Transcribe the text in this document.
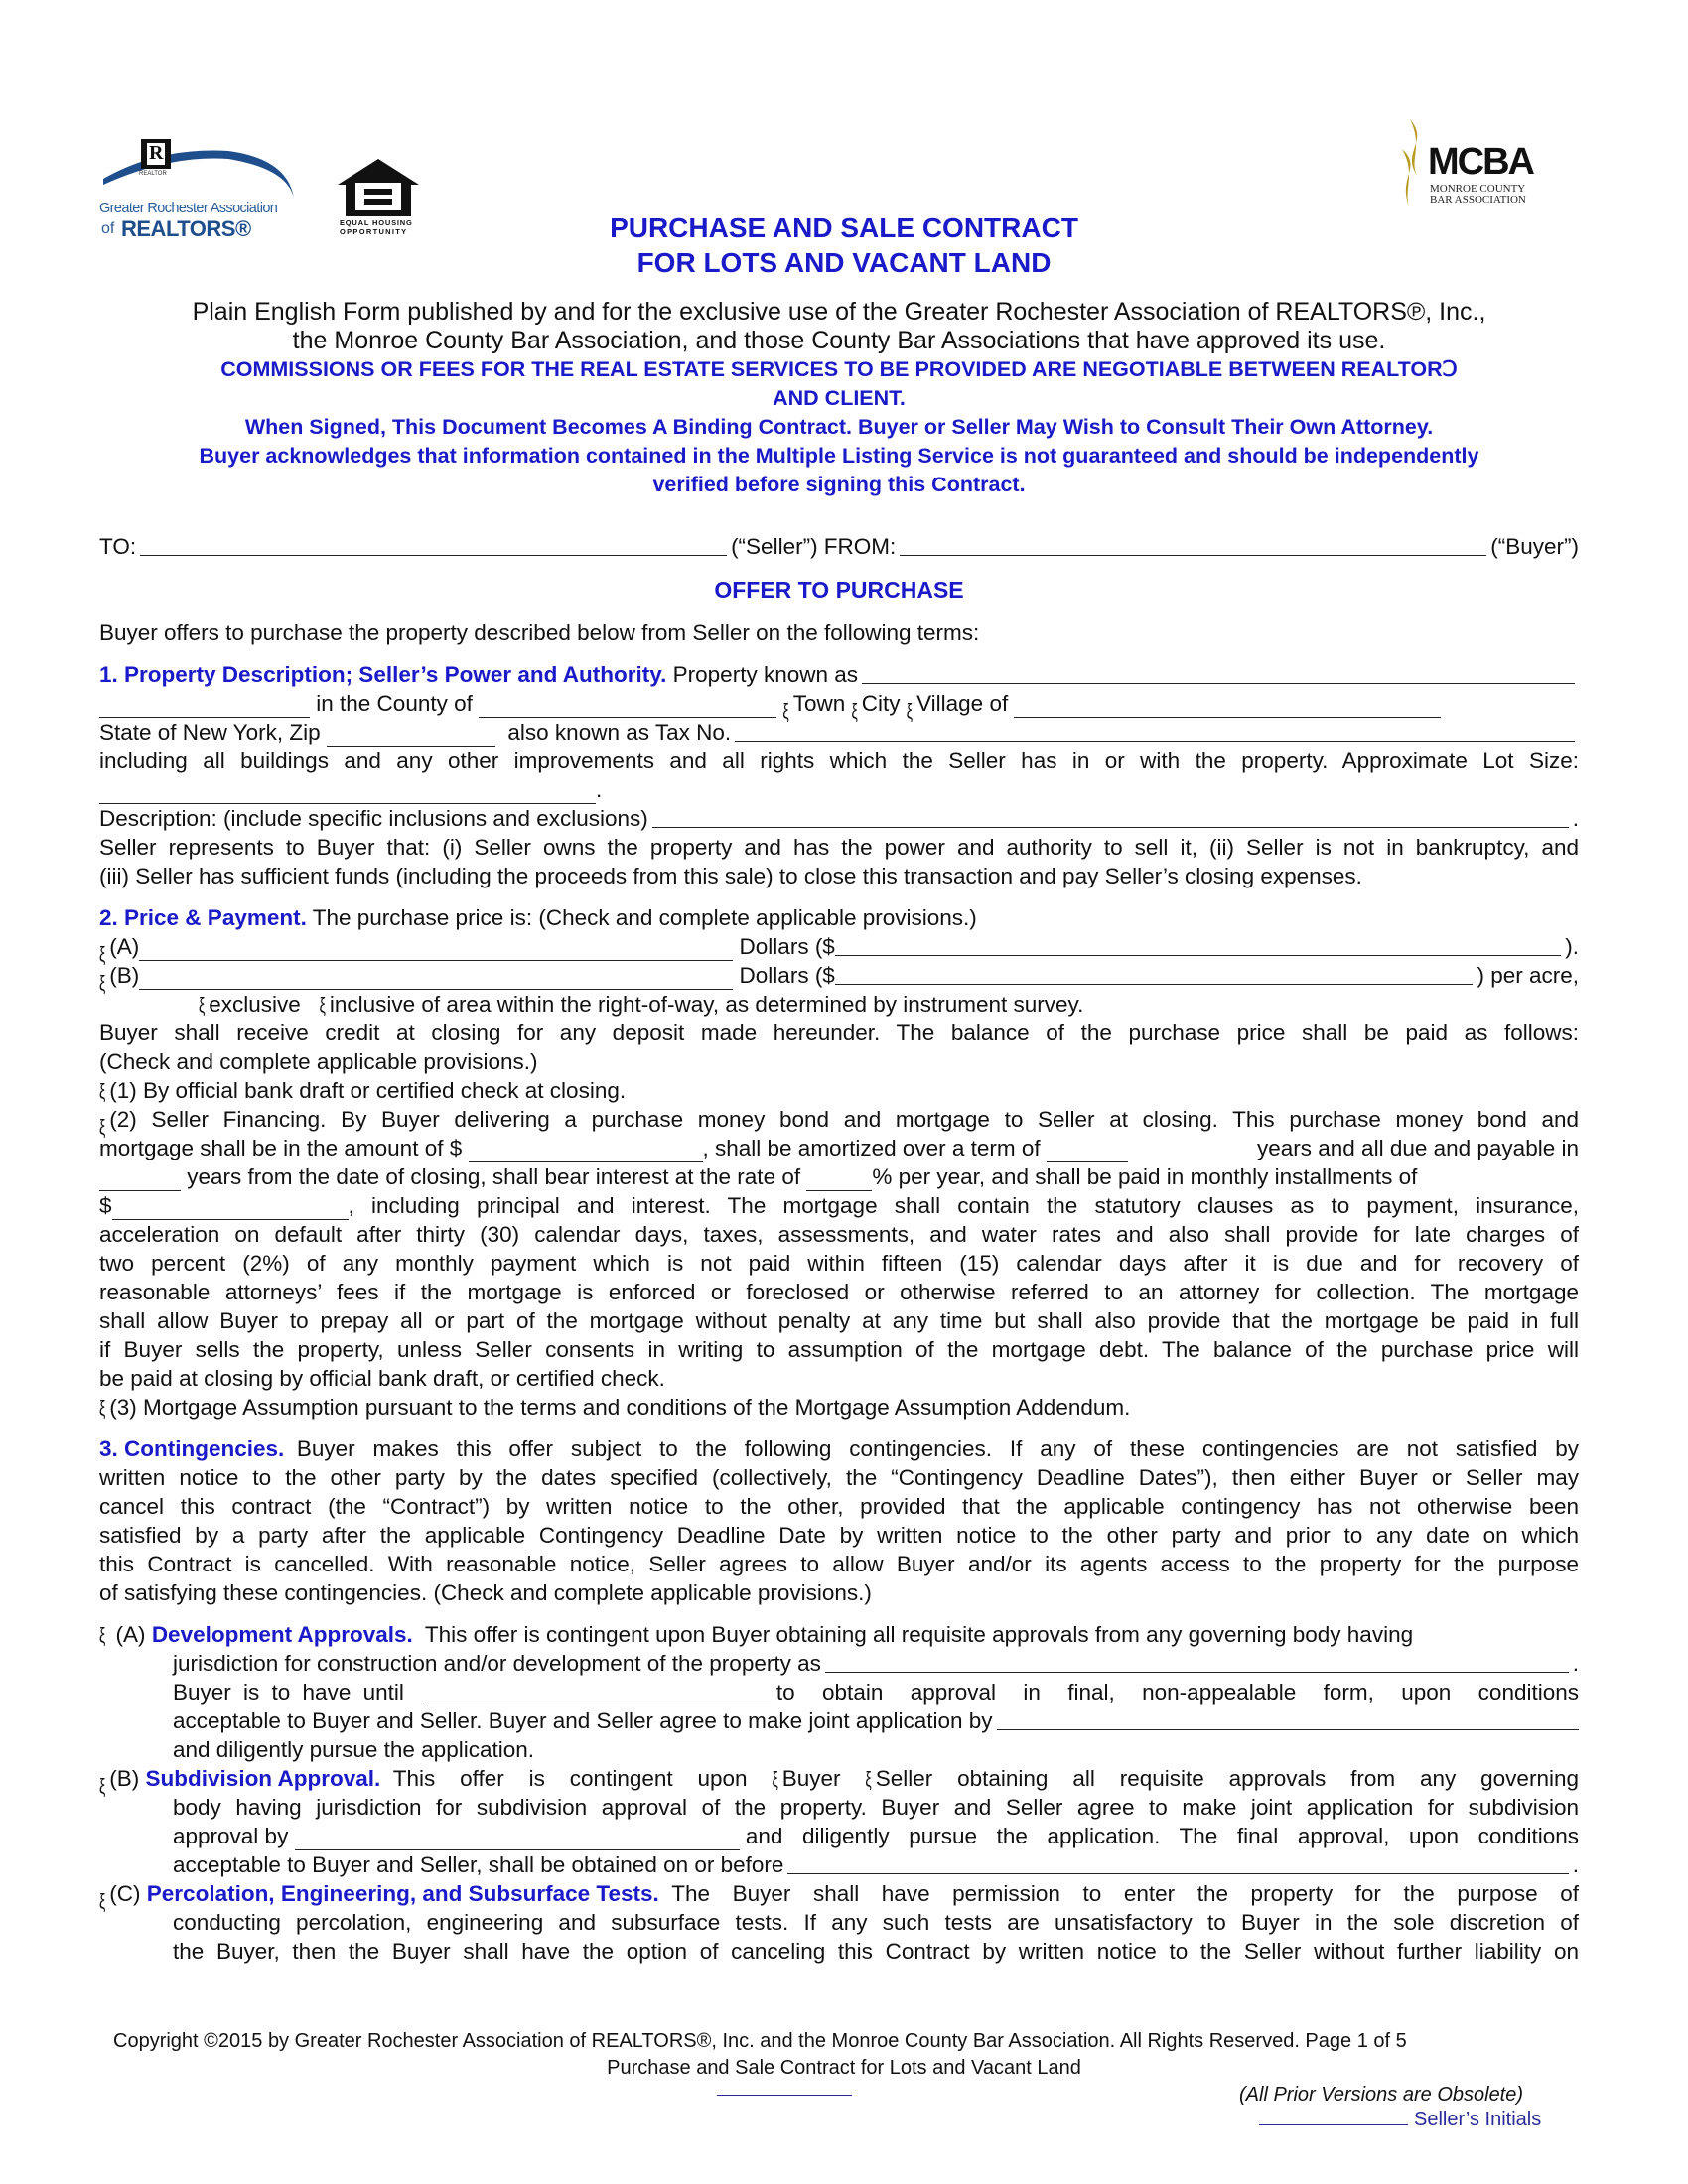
R
REALTOR
Greater Rochester Association
of REALTORS®	EQUAL HOUSING
OPPORTUNITY
MCBA
MONROE COUNTY
BAR ASSOCIATION
PURCHASE AND SALE CONTRACT
FOR LOTS AND VACANT LAND
Plain English Form published by and for the exclusive use of the Greater Rochester Association of REALTORS℗, Inc.,
the Monroe County Bar Association, and those County Bar Associations that have approved its use.
COMMISSIONS OR FEES FOR THE REAL ESTATE SERVICES TO BE PROVIDED ARE NEGOTIABLE BETWEEN REALTORↃ
AND CLIENT.
When Signed, This Document Becomes A Binding Contract. Buyer or Seller May Wish to Consult Their Own Attorney.
Buyer acknowledges that information contained in the Multiple Listing Service is not guaranteed and should be independently
verified before signing this Contract.
TO:	(“Seller”) FROM:	(“Buyer”)
OFFER TO PURCHASE
Buyer offers to purchase the property described below from Seller on the following terms:
1. Property Description; Seller’s Power and Authority.
Property known as

in the County of

	ξ Town
ξ City
ξ Village of

State of New York, Zip

	also known as Tax No.
including all buildings and any other improvements and all rights which the Seller has in or with the property. Approximate Lot Size:
.
Description: (include specific inclusions and exclusions)	.
Seller represents to Buyer that: (i) Seller owns the property and has the power and authority to sell it, (ii) Seller is not in bankruptcy, and
(iii) Seller has sufficient funds (including the proceeds from this sale) to close this transaction and pay Seller’s closing expenses.
2. Price & Payment. The purchase price is: (Check and complete applicable provisions.)
ξ (A)
	Dollars ($	).
ξ (B)
	Dollars ($	) per acre,
ξ exclusive ξ inclusive of area within the right-of-way, as determined by instrument survey.
Buyer shall receive credit at closing for any deposit made hereunder. The balance of the purchase price shall be paid as follows:
(Check and complete applicable provisions.)
ξ (1) By official bank draft or certified check at closing.
ξ (2) Seller Financing. By Buyer delivering a purchase money bond and mortgage to Seller at closing. This purchase money bond and
mortgage shall be in the amount of $
	, shall be amortized over a term of

	years and all due and payable in

years from the date of closing, shall bear interest at the rate of
	% per year, and shall be paid in monthly installments of
$	, including principal and interest. The mortgage shall contain the statutory clauses as to payment, insurance,
acceleration on default after thirty (30) calendar days, taxes, assessments, and water rates and also shall provide for late charges of
two percent (2%) of any monthly payment which is not paid within fifteen (15) calendar days after it is due and for recovery of
reasonable attorneys’ fees if the mortgage is enforced or foreclosed or otherwise referred to an attorney for collection. The mortgage
shall allow Buyer to prepay all or part of the mortgage without penalty at any time but shall also provide that the mortgage be paid in full
if Buyer sells the property, unless Seller consents in writing to assumption of the mortgage debt. The balance of the purchase price will
be paid at closing by official bank draft, or certified check.
ξ (3) Mortgage Assumption pursuant to the terms and conditions of the Mortgage Assumption Addendum.
3. Contingencies.
Buyer makes this offer subject to the following contingencies. If any of these contingencies are not satisfied by
written notice to the other party by the dates specified (collectively, the “Contingency Deadline Dates”), then either Buyer or Seller may
cancel this contract (the “Contract”) by written notice to the other, provided that the applicable contingency has not otherwise been
satisfied by a party after the applicable Contingency Deadline Date by written notice to the other party and prior to any date on which
this Contract is cancelled. With reasonable notice, Seller agrees to allow Buyer and/or its agents access to the property for the purpose
of satisfying these contingencies. (Check and complete applicable provisions.)
ξ (A) Development Approvals. This offer is contingent upon Buyer obtaining all requisite approvals from any governing body having
jurisdiction for construction and/or development of the property as	.
Buyer is to have until

	to obtain approval in final, non-appealable form, upon conditions
acceptable to Buyer and Seller. Buyer and Seller agree to make joint application by
and diligently pursue the application.
ξ (B)
Subdivision Approval.
This offer is contingent upon ξ Buyer ξ Seller obtaining all requisite approvals from any governing
body having jurisdiction for subdivision approval of the property. Buyer and Seller agree to make joint application for subdivision
approval by

	and diligently pursue the application. The final approval, upon conditions
acceptable to Buyer and Seller, shall be obtained on or before	.
ξ (C)
Percolation, Engineering, and Subsurface Tests.
The Buyer shall have permission to enter the property for the purpose of
conducting percolation, engineering and subsurface tests. If any such tests are unsatisfactory to Buyer in the sole discretion of
the Buyer, then the Buyer shall have the option of canceling this Contract by written notice to the Seller without further liability on
Copyright ©2015 by Greater Rochester Association of REALTORS®, Inc. and the Monroe County Bar Association. All Rights Reserved. Page 1 of 5
Purchase and Sale Contract for Lots and Vacant Land
(All Prior Versions are Obsolete)
Seller’s Initials
